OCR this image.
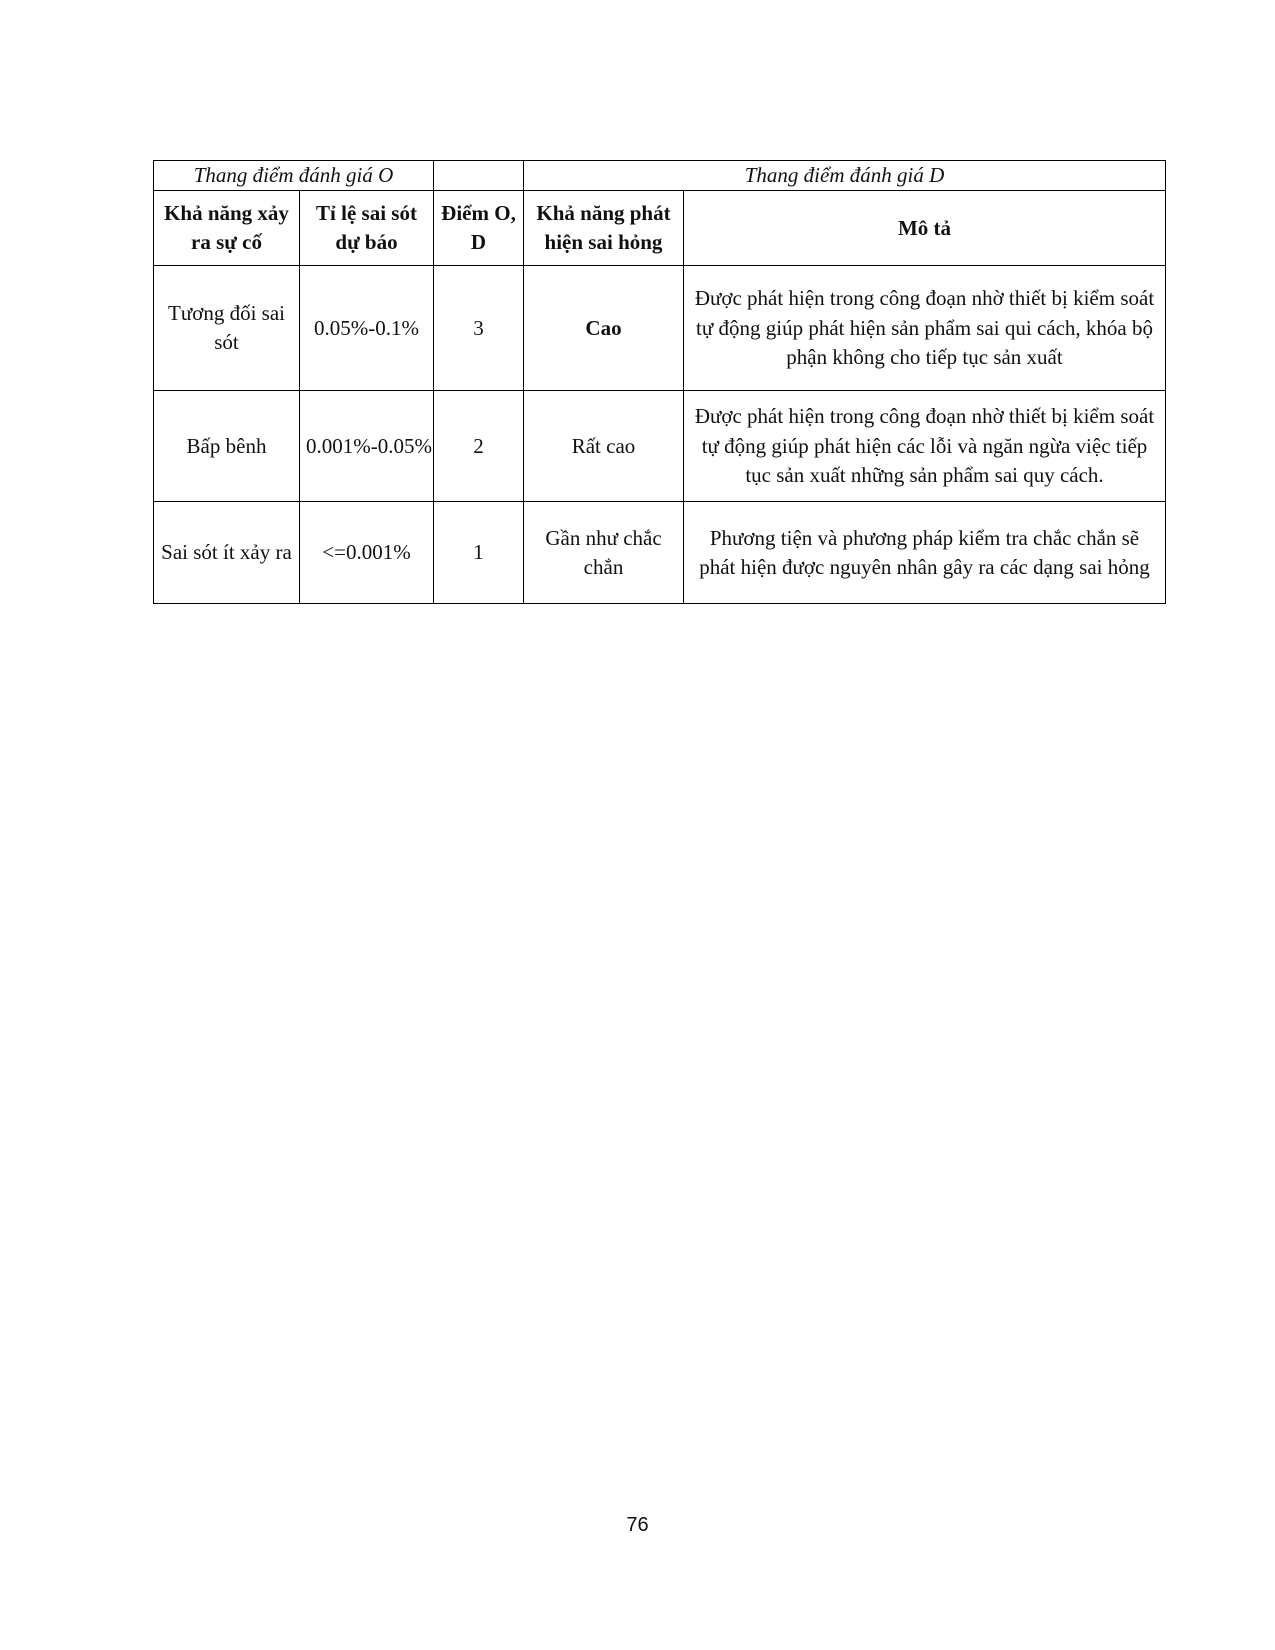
Thang điểm đánh giá O			Thang điểm đánh giá D	
Khả năng xảy ra sự cố	Tỉ lệ sai sót dự báo	Điểm O, D	Khả năng phát hiện sai hỏng	Mô tả
Tương đối sai sót	0.05%-0.1%	3	Cao	Được phát hiện trong công đoạn nhờ thiết bị kiểm soát tự động giúp phát hiện sản phẩm sai qui cách, khóa bộ phận không cho tiếp tục sản xuất
Bấp bênh	0.001%-0.05%	2	Rất cao	Được phát hiện trong công đoạn nhờ thiết bị kiểm soát tự động giúp phát hiện các lỗi và ngăn ngừa việc tiếp tục sản xuất những sản phẩm sai quy cách.
Sai sót ít xảy ra	<=0.001%	1	Gần như chắc chắn	Phương tiện và phương pháp kiểm tra chắc chắn sẽ phát hiện được nguyên nhân gây ra các dạng sai hỏng
76
